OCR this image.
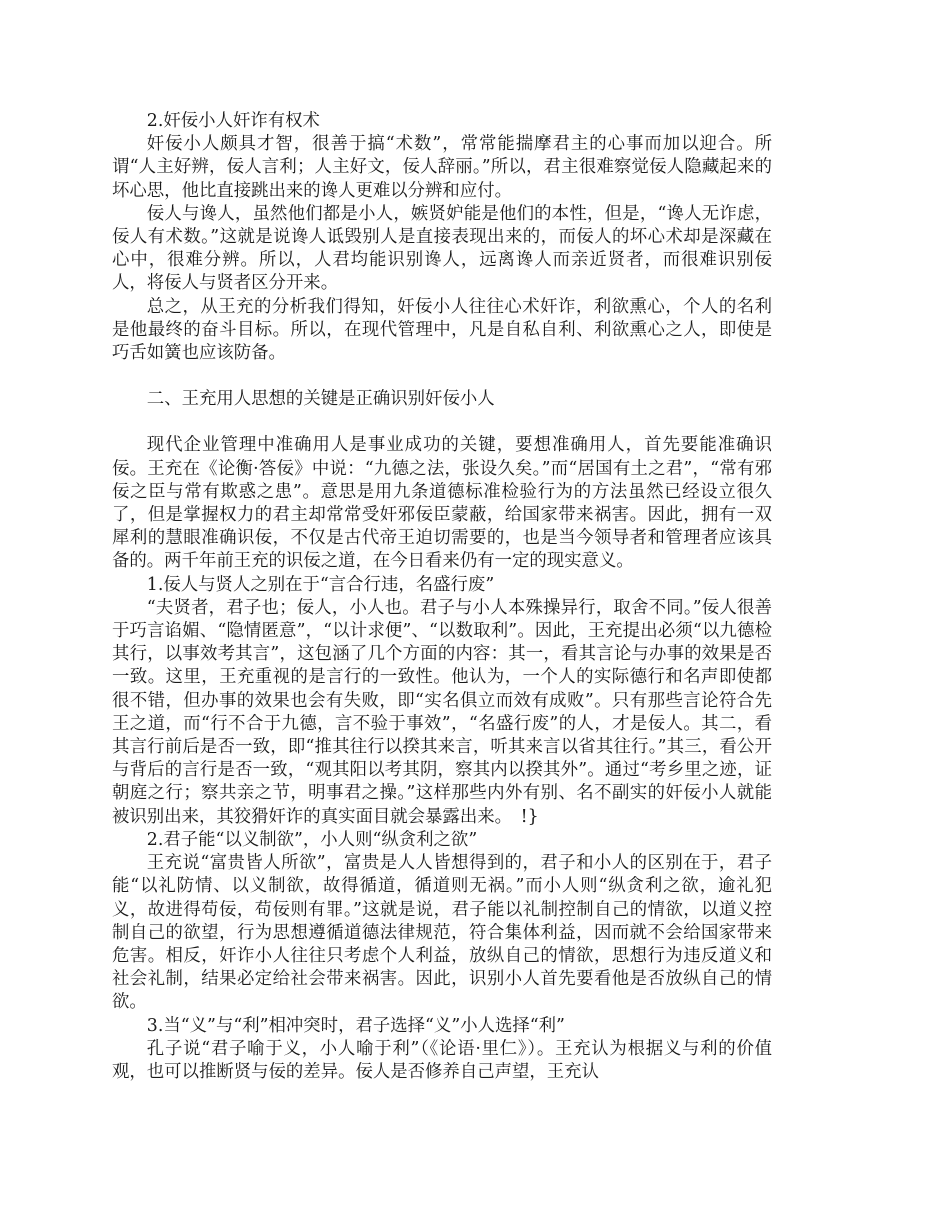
2.奸佞小人奸诈有权术

奸佞小人颇具才智，很善于搞“术数”，常常能揣摩君主的心事而加以迎合。所谓“人主好辨，佞人言利；人主好文，佞人辞丽。”所以，君主很难察觉佞人隐藏起来的坏心思，他比直接跳出来的谗人更难以分辨和应付。

佞人与谗人，虽然他们都是小人，嫉贤妒能是他们的本性，但是，“谗人无诈虑，佞人有术数。”这就是说谗人诋毁别人是直接表现出来的，而佞人的坏心术却是深藏在心中，很难分辨。所以，人君均能识别谗人，远离谗人而亲近贤者，而很难识别佞人，将佞人与贤者区分开来。

总之，从王充的分析我们得知，奸佞小人往往心术奸诈，利欲熏心，个人的名利是他最终的奋斗目标。所以，在现代管理中，凡是自私自利、利欲熏心之人，即使是巧舌如簧也应该防备。

二、王充用人思想的关键是正确识别奸佞小人

现代企业管理中准确用人是事业成功的关键，要想准确用人，首先要能准确识佞。王充在《论衡·答佞》中说：“九德之法，张设久矣。”而“居国有土之君”，“常有邪佞之臣与常有欺惑之患”。意思是用九条道德标准检验行为的方法虽然已经设立很久了，但是掌握权力的君主却常常受奸邪佞臣蒙蔽，给国家带来祸害。因此，拥有一双犀利的慧眼准确识佞，不仅是古代帝王迫切需要的，也是当今领导者和管理者应该具备的。两千年前王充的识佞之道，在今日看来仍有一定的现实意义。

1.佞人与贤人之别在于“言合行违，名盛行废”

“夫贤者，君子也；佞人，小人也。君子与小人本殊操异行，取舍不同。”佞人很善于巧言谄媚、“隐情匿意”，“以计求便”、“以数取利”。因此，王充提出必须“以九德检其行，以事效考其言”，这包涵了几个方面的内容：其一，看其言论与办事的效果是否一致。这里，王充重视的是言行的一致性。他认为，一个人的实际德行和名声即使都很不错，但办事的效果也会有失败，即“实名俱立而效有成败”。只有那些言论符合先王之道，而“行不合于九德，言不验于事效”，“名盛行废”的人，才是佞人。其二，看其言行前后是否一致，即“推其往行以揆其来言，听其来言以省其往行。”其三，看公开与背后的言行是否一致，“观其阳以考其阴，察其内以揆其外”。通过“考乡里之迹，证朝庭之行；察共亲之节，明事君之操。”这样那些内外有别、名不副实的奸佞小人就能被识别出来，其狡猾奸诈的真实面目就会暴露出来。　!}

2.君子能“以义制欲”，小人则“纵贪利之欲”

王充说“富贵皆人所欲”，富贵是人人皆想得到的，君子和小人的区别在于，君子能“以礼防情、以义制欲，故得循道，循道则无祸。”而小人则“纵贪利之欲，逾礼犯义，故进得苟佞，苟佞则有罪。”这就是说，君子能以礼制控制自己的情欲，以道义控制自己的欲望，行为思想遵循道德法律规范，符合集体利益，因而就不会给国家带来危害。相反，奸诈小人往往只考虑个人利益，放纵自己的情欲，思想行为违反道义和社会礼制，结果必定给社会带来祸害。因此，识别小人首先要看他是否放纵自己的情欲。

3.当“义”与“利”相冲突时，君子选择“义”小人选择“利”

孔子说“君子喻于义，小人喻于利”（《论语·里仁》）。王充认为根据义与利的价值观，也可以推断贤与佞的差异。佞人是否修养自己声望，王充认
